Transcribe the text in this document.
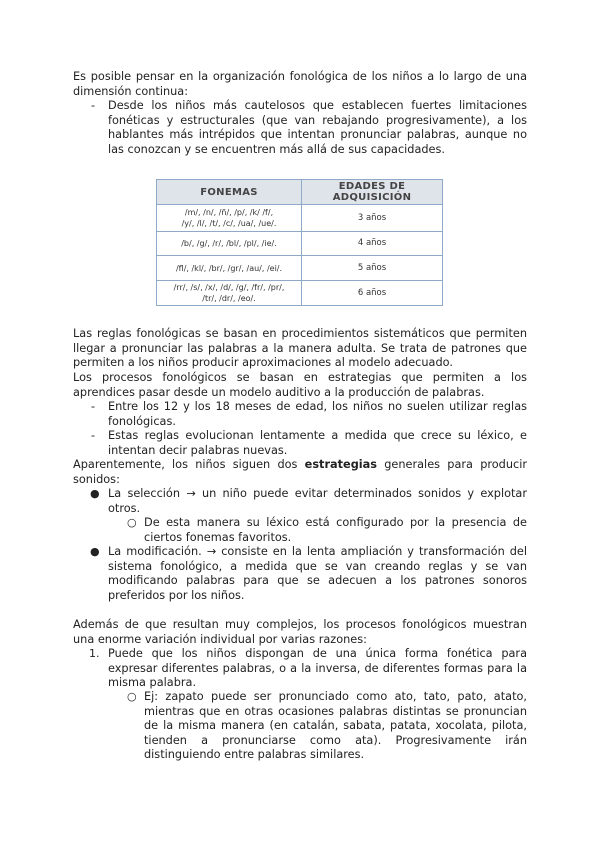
Es posible pensar en la organización fonológica de los niños a lo largo de una dimensión continua:

- Desde los niños más cautelosos que establecen fuertes limitaciones fonéticas y estructurales (que van rebajando progresivamente), a los hablantes más intrépidos que intentan pronunciar palabras, aunque no las conozcan y se encuentren más allá de sus capacidades.

FONEMAS	EDADES DE ADQUISICIÓN
/m/, /n/, /ñ/, /p/, /k/ /f/,
/y/, /l/, /t/, /c/, /ua/, /ue/.	3 años
/b/, /g/, /r/, /bl/, /pl/, /ie/.	4 años
/fl/, /kl/, /br/, /gr/, /au/, /ei/.	5 años
/rr/, /s/, /x/, /d/, /g/, /fr/, /pr/,
/tr/, /dr/, /eo/.	6 años

Las reglas fonológicas se basan en procedimientos sistemáticos que permiten llegar a pronunciar las palabras a la manera adulta. Se trata de patrones que permiten a los niños producir aproximaciones al modelo adecuado.

Los procesos fonológicos se basan en estrategias que permiten a los aprendices pasar desde un modelo auditivo a la producción de palabras.

- Entre los 12 y los 18 meses de edad, los niños no suelen utilizar reglas fonológicas.

- Estas reglas evolucionan lentamente a medida que crece su léxico, e intentan decir palabras nuevas.

Aparentemente, los niños siguen dos estrategias generales para producir sonidos:

● La selección → un niño puede evitar determinados sonidos y explotar otros.

○ De esta manera su léxico está configurado por la presencia de ciertos fonemas favoritos.

● La modificación. → consiste en la lenta ampliación y transformación del sistema fonológico, a medida que se van creando reglas y se van modificando palabras para que se adecuen a los patrones sonoros preferidos por los niños.

Además de que resultan muy complejos, los procesos fonológicos muestran una enorme variación individual por varias razones:

1. Puede que los niños dispongan de una única forma fonética para expresar diferentes palabras, o a la inversa, de diferentes formas para la misma palabra.

○ Ej: zapato puede ser pronunciado como ato, tato, pato, atato, mientras que en otras ocasiones palabras distintas se pronuncian de la misma manera (en catalán, sabata, patata, xocolata, pilota, tienden a pronunciarse como ata). Progresivamente irán distinguiendo entre palabras similares.
